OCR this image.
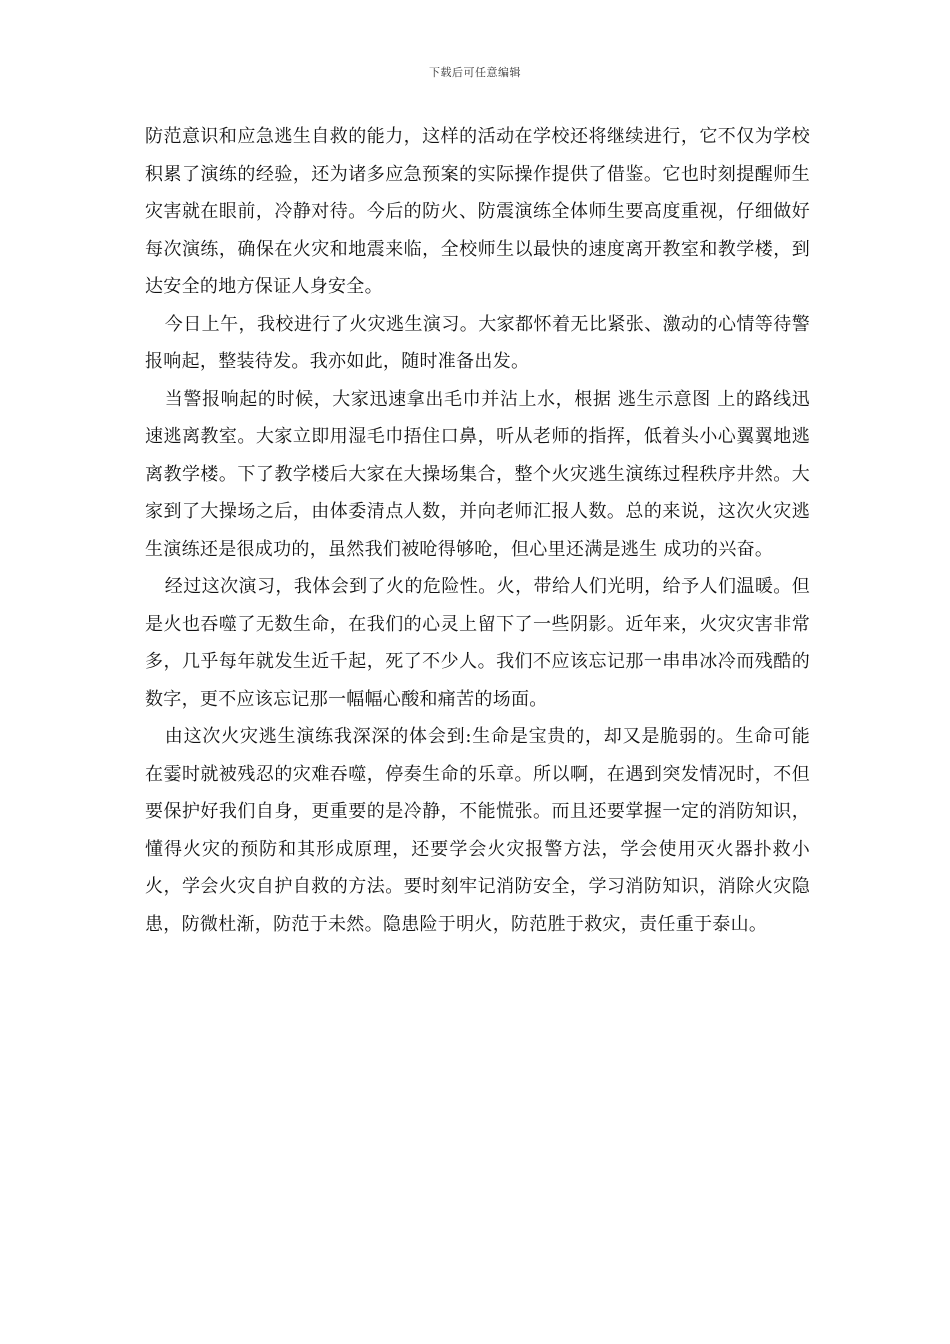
下载后可任意编辑

防范意识和应急逃生自救的能力，这样的活动在学校还将继续进行，它不仅为学校积累了演练的经验，还为诸多应急预案的实际操作提供了借鉴。它也时刻提醒师生灾害就在眼前，冷静对待。今后的防火、防震演练全体师生要高度重视，仔细做好每次演练，确保在火灾和地震来临，全校师生以最快的速度离开教室和教学楼，到达安全的地方保证人身安全。

今日上午，我校进行了火灾逃生演习。大家都怀着无比紧张、激动的心情等待警报响起，整装待发。我亦如此，随时准备出发。

当警报响起的时候，大家迅速拿出毛巾并沾上水，根据 逃生示意图 上的路线迅速逃离教室。大家立即用湿毛巾捂住口鼻，听从老师的指挥，低着头小心翼翼地逃离教学楼。下了教学楼后大家在大操场集合，整个火灾逃生演练过程秩序井然。大家到了大操场之后，由体委清点人数，并向老师汇报人数。总的来说，这次火灾逃生演练还是很成功的，虽然我们被呛得够呛，但心里还满是逃生 成功的兴奋。

经过这次演习，我体会到了火的危险性。火，带给人们光明，给予人们温暖。但是火也吞噬了无数生命，在我们的心灵上留下了一些阴影。近年来，火灾灾害非常多，几乎每年就发生近千起，死了不少人。我们不应该忘记那一串串冰冷而残酷的数字，更不应该忘记那一幅幅心酸和痛苦的场面。

由这次火灾逃生演练我深深的体会到:生命是宝贵的，却又是脆弱的。生命可能在霎时就被残忍的灾难吞噬，停奏生命的乐章。所以啊，在遇到突发情况时，不但要保护好我们自身，更重要的是冷静，不能慌张。而且还要掌握一定的消防知识，懂得火灾的预防和其形成原理，还要学会火灾报警方法，学会使用灭火器扑救小火，学会火灾自护自救的方法。要时刻牢记消防安全，学习消防知识，消除火灾隐患，防微杜渐，防范于未然。隐患险于明火，防范胜于救灾，责任重于泰山。
